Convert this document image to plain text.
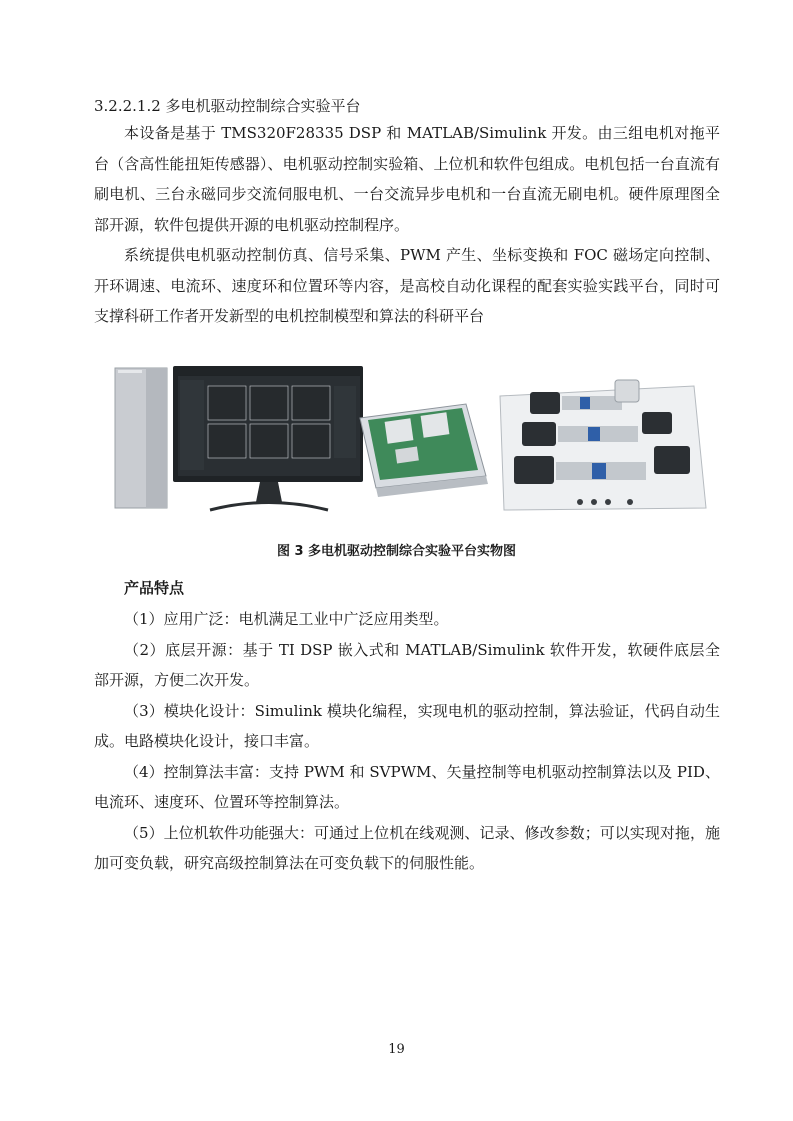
3.2.2.1.2 多电机驱动控制综合实验平台

本设备是基于 TMS320F28335 DSP 和 MATLAB/Simulink 开发。由三组电机对拖平台（含高性能扭矩传感器）、电机驱动控制实验箱、上位机和软件包组成。电机包括一台直流有刷电机、三台永磁同步交流伺服电机、一台交流异步电机和一台直流无刷电机。硬件原理图全部开源，软件包提供开源的电机驱动控制程序。

系统提供电机驱动控制仿真、信号采集、PWM 产生、坐标变换和 FOC 磁场定向控制、开环调速、电流环、速度环和位置环等内容，是高校自动化课程的配套实验实践平台，同时可支撑科研工作者开发新型的电机控制模型和算法的科研平台

图 3 多电机驱动控制综合实验平台实物图
产品特点
（1）应用广泛：电机满足工业中广泛应用类型。
（2）底层开源：基于 TI DSP 嵌入式和 MATLAB/Simulink 软件开发，软硬件底层全部开源，方便二次开发。
（3）模块化设计：Simulink 模块化编程，实现电机的驱动控制，算法验证，代码自动生成。电路模块化设计，接口丰富。
（4）控制算法丰富：支持 PWM 和 SVPWM、矢量控制等电机驱动控制算法以及 PID、电流环、速度环、位置环等控制算法。
（5）上位机软件功能强大：可通过上位机在线观测、记录、修改参数；可以实现对拖，施加可变负载，研究高级控制算法在可变负载下的伺服性能。
19
